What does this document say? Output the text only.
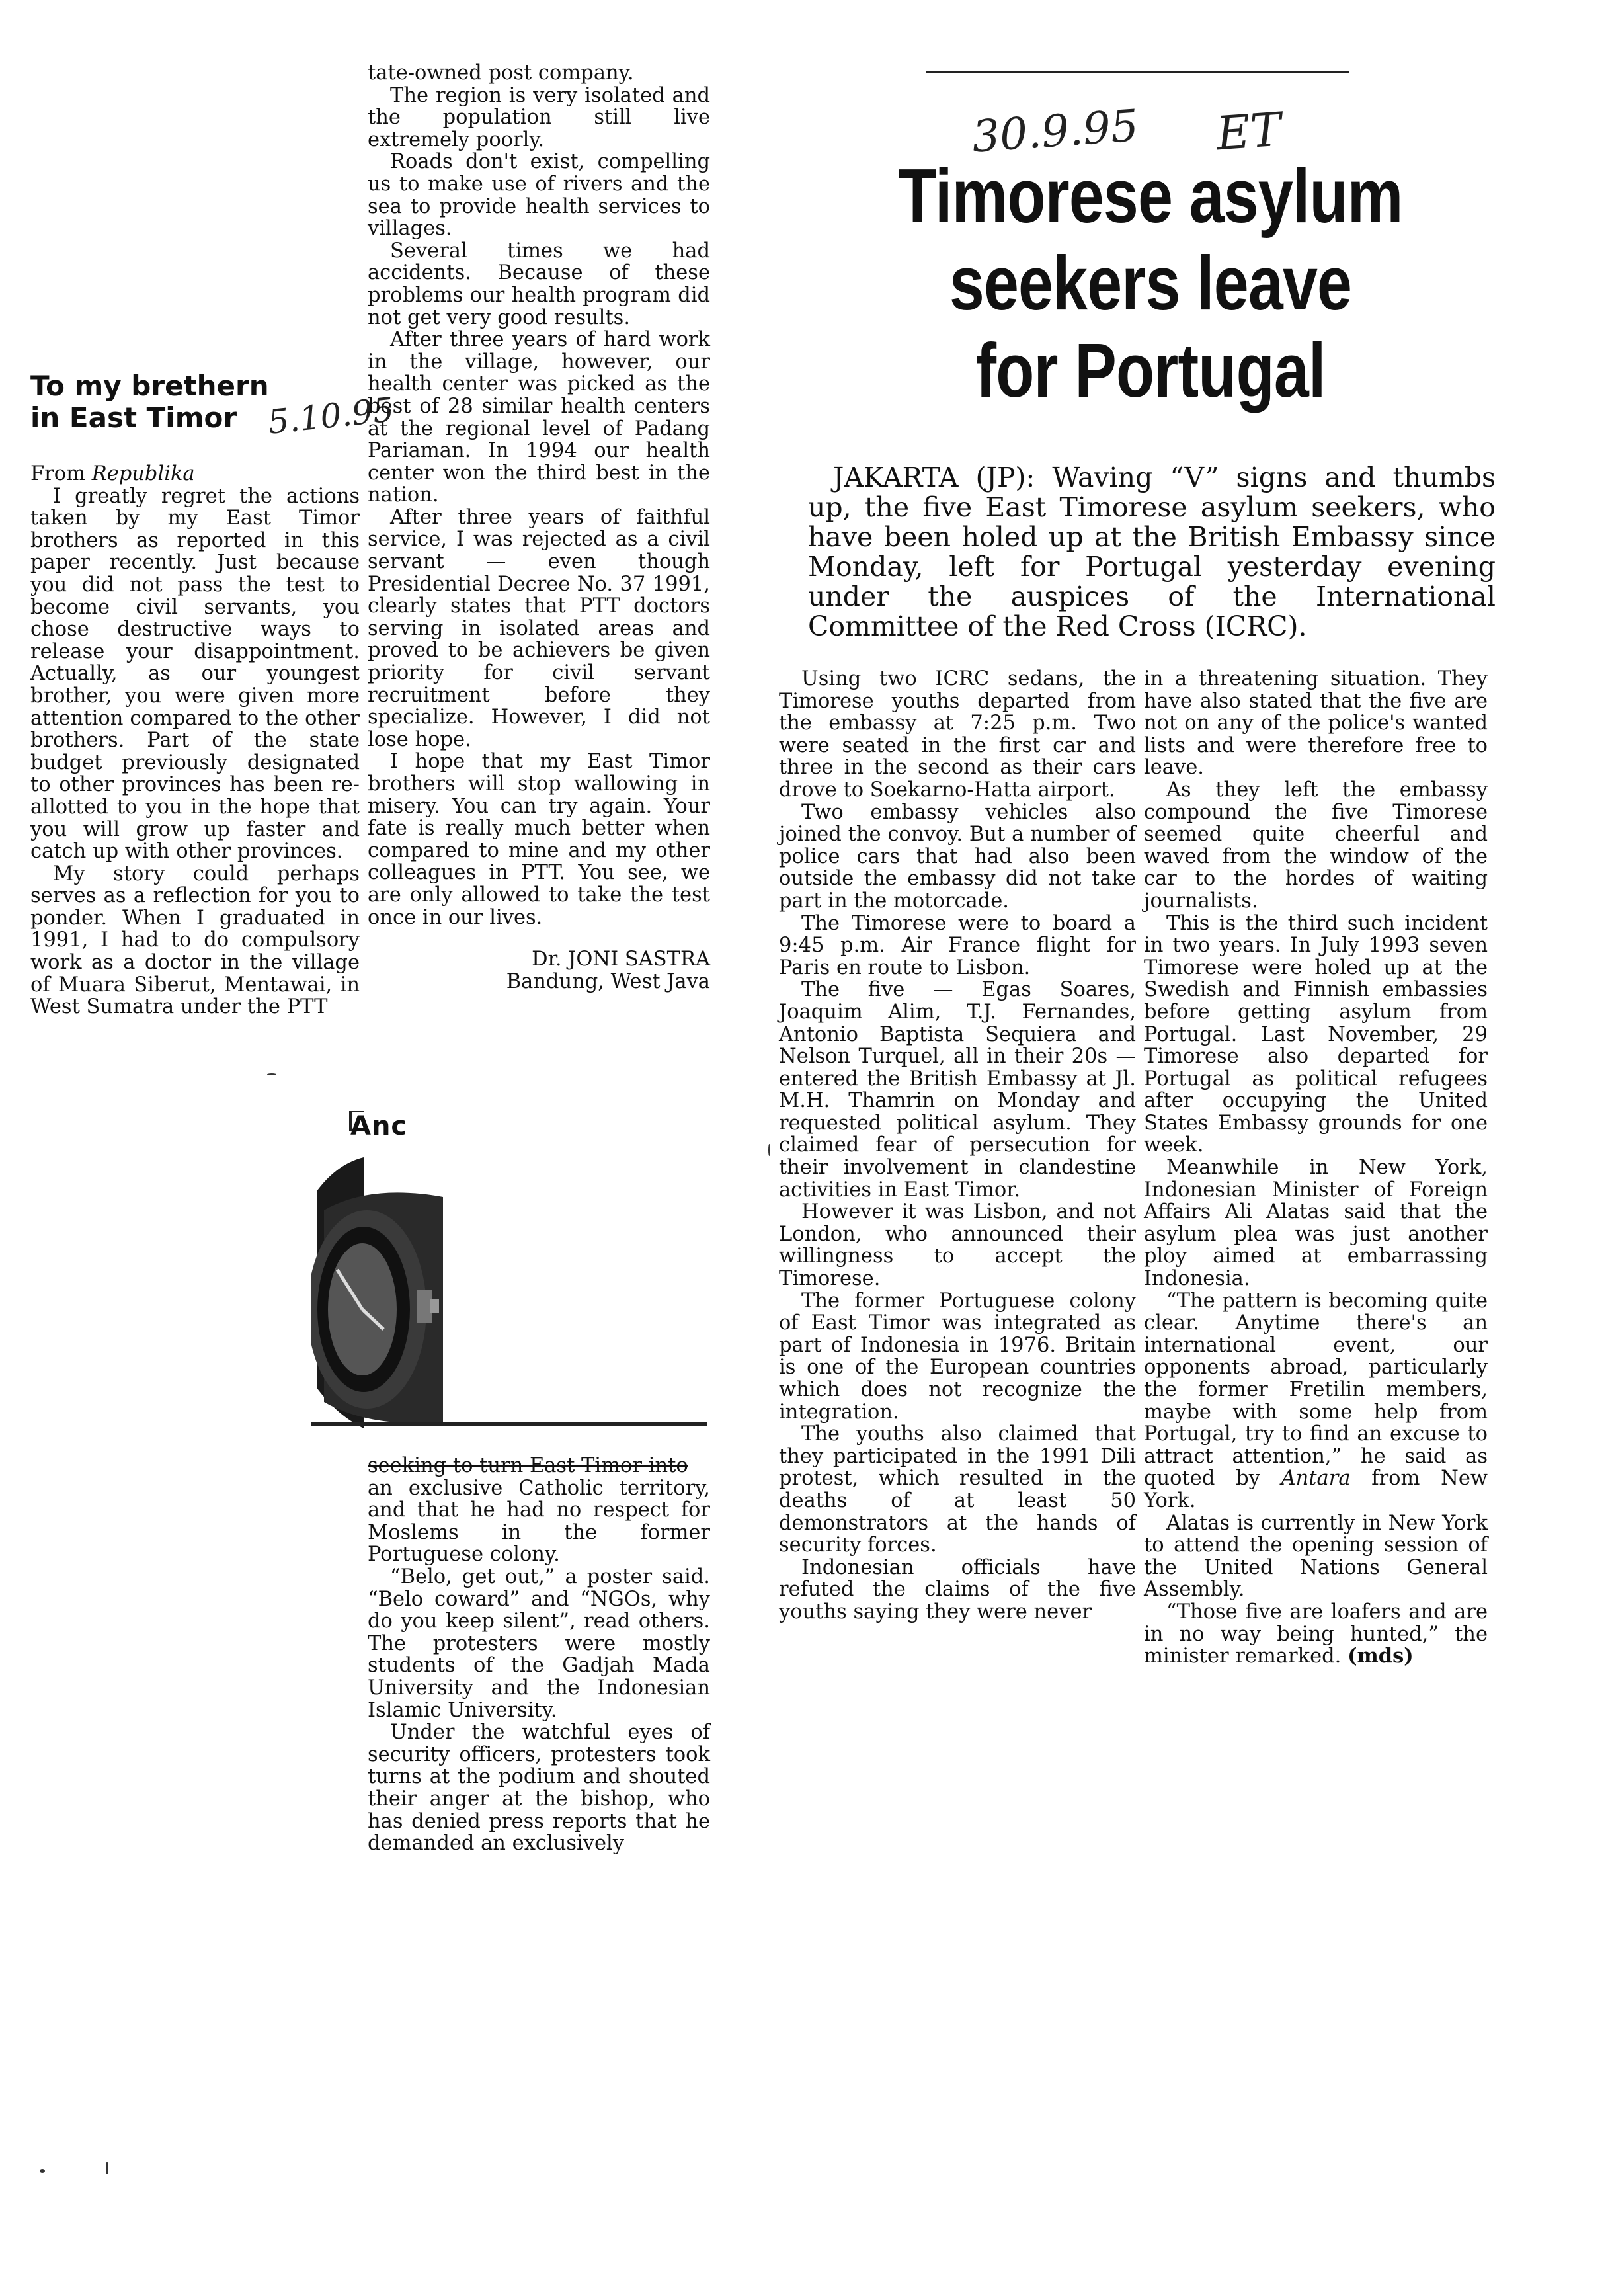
To my brethern in East Timor 5.10.95

From Republika

I greatly regret the actions taken by my East Timor brothers as reported in this paper recently. Just because you did not pass the test to become civil servants, you chose destructive ways to release your disappointment. Actually, as our youngest brother, you were given more attention compared to the other brothers. Part of the state budget previously designated to other provinces has been re-allotted to you in the hope that you will grow up faster and catch up with other provinces.

My story could perhaps serves as a reflection for you to ponder. When I graduated in 1991, I had to do compulsory work as a doctor in the village of Muara Siberut, Mentawai, in West Sumatra under the PTT

tate-owned post company.

The region is very isolated and the population still live extremely poorly.

Roads don't exist, compelling us to make use of rivers and the sea to provide health services to villages.

Several times we had accidents. Because of these problems our health program did not get very good results.

After three years of hard work in the village, however, our health center was picked as the best of 28 similar health centers at the regional level of Padang Pariaman. In 1994 our health center won the third best in the nation.

After three years of faithful service, I was rejected as a civil servant — even though Presidential Decree No. 37 1991, clearly states that PTT doctors serving in isolated areas and proved to be achievers be given priority for civil servant recruitment before they specialize. However, I did not lose hope.

I hope that my East Timor brothers will stop wallowing in misery. You can try again. Your fate is really much better when compared to mine and my other colleagues in PTT. You see, we are only allowed to take the test once in our lives.

Dr. JONI SASTRA

Bandung, West Java

Anc

seeking to turn East Timor into

an exclusive Catholic territory, and that he had no respect for Moslems in the former Portuguese colony.

“Belo, get out,” a poster said. “Belo coward” and “NGOs, why do you keep silent”, read others. The protesters were mostly students of the Gadjah Mada University and the Indonesian Islamic University.

Under the watchful eyes of security officers, protesters took turns at the podium and shouted their anger at the bishop, who has denied press reports that he demanded an exclusively

30.9.95 ET
Timorese asylum
seekers leave
for Portugal

JAKARTA (JP): Waving “V” signs and thumbs up, the five East Timorese asylum seekers, who have been holed up at the British Embassy since Monday, left for Portugal yesterday evening under the auspices of the International Committee of the Red Cross (ICRC).

Using two ICRC sedans, the Timorese youths departed from the embassy at 7:25 p.m. Two were seated in the first car and three in the second as their cars drove to Soekarno-Hatta airport.

Two embassy vehicles also joined the convoy. But a number of police cars that had also been outside the embassy did not take part in the motorcade.

The Timorese were to board a 9:45 p.m. Air France flight for Paris en route to Lisbon.

The five — Egas Soares, Joaquim Alim, T.J. Fernandes, Antonio Baptista Sequiera and Nelson Turquel, all in their 20s — entered the British Embassy at Jl. M.H. Thamrin on Monday and requested political asylum. They claimed fear of persecution for their involvement in clandestine activities in East Timor.

However it was Lisbon, and not London, who announced their willingness to accept the Timorese.

The former Portuguese colony of East Timor was integrated as part of Indonesia in 1976. Britain is one of the European countries which does not recognize the integration.

The youths also claimed that they participated in the 1991 Dili protest, which resulted in the deaths of at least 50 demonstrators at the hands of security forces.

Indonesian officials have refuted the claims of the five youths saying they were never

in a threatening situation. They have also stated that the five are not on any of the police's wanted lists and were therefore free to leave.

As they left the embassy compound the five Timorese seemed quite cheerful and waved from the window of the car to the hordes of waiting journalists.

This is the third such incident in two years. In July 1993 seven Timorese were holed up at the Swedish and Finnish embassies before getting asylum from Portugal. Last November, 29 Timorese also departed for Portugal as political refugees after occupying the United States Embassy grounds for one week.

Meanwhile in New York, Indonesian Minister of Foreign Affairs Ali Alatas said that the asylum plea was just another ploy aimed at embarrassing Indonesia.

“The pattern is becoming quite clear. Anytime there's an international event, our opponents abroad, particularly the former Fretilin members, maybe with some help from Portugal, try to find an excuse to attract attention,” he said as quoted by Antara from New York.

Alatas is currently in New York to attend the opening session of the United Nations General Assembly.

“Those five are loafers and are in no way being hunted,” the minister remarked. (mds)
